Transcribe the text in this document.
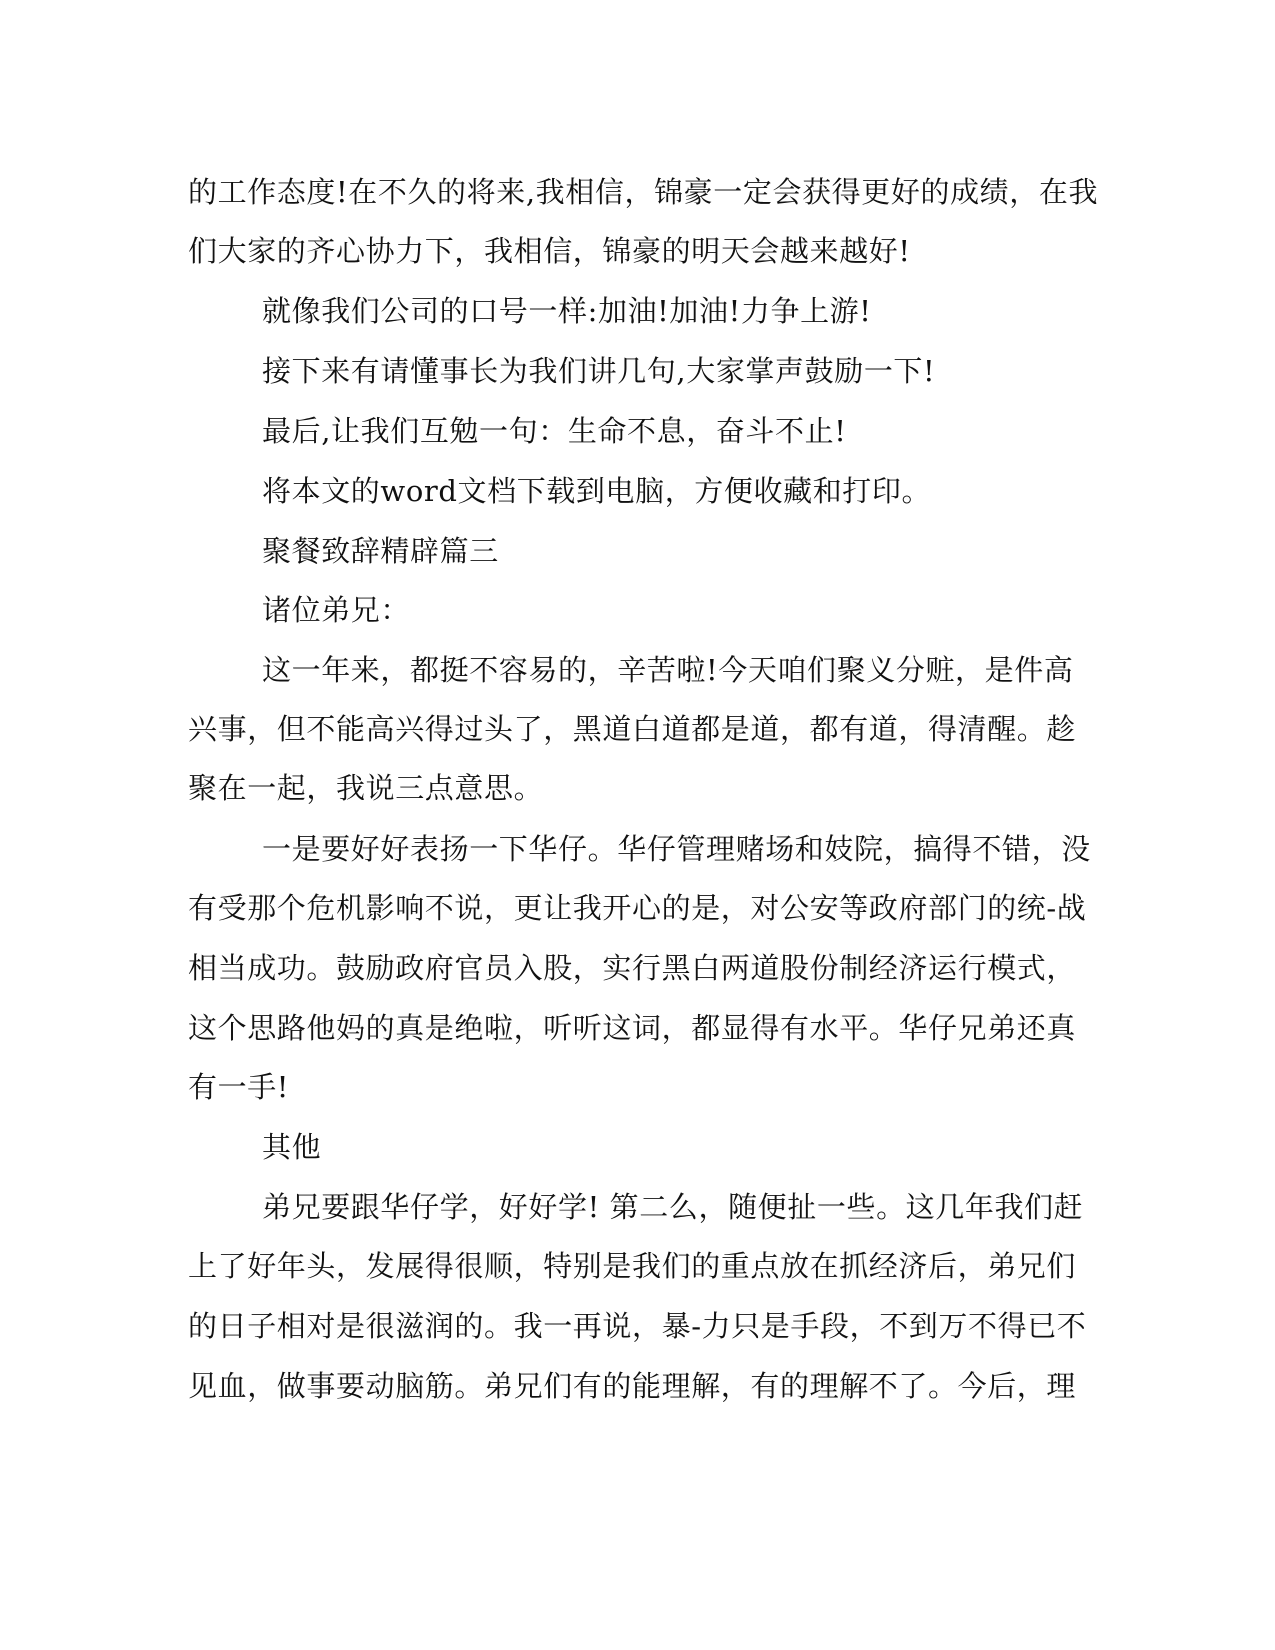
的工作态度!在不久的将来,我相信，锦豪一定会获得更好的成绩，在我
们大家的齐心协力下，我相信，锦豪的明天会越来越好!
就像我们公司的口号一样:加油!加油!力争上游!
接下来有请懂事长为我们讲几句,大家掌声鼓励一下!
最后,让我们互勉一句：生命不息，奋斗不止!
将本文的word文档下载到电脑，方便收藏和打印。
聚餐致辞精辟篇三
诸位弟兄：
这一年来，都挺不容易的，辛苦啦!今天咱们聚义分赃，是件高
兴事，但不能高兴得过头了，黑道白道都是道，都有道，得清醒。趁
聚在一起，我说三点意思。
一是要好好表扬一下华仔。华仔管理赌场和妓院，搞得不错，没
有受那个危机影响不说，更让我开心的是，对公安等政府部门的统-战
相当成功。鼓励政府官员入股，实行黑白两道股份制经济运行模式，
这个思路他妈的真是绝啦，听听这词，都显得有水平。华仔兄弟还真
有一手!
其他
弟兄要跟华仔学，好好学! 第二么，随便扯一些。这几年我们赶
上了好年头，发展得很顺，特别是我们的重点放在抓经济后，弟兄们
的日子相对是很滋润的。我一再说，暴-力只是手段，不到万不得已不
见血，做事要动脑筋。弟兄们有的能理解，有的理解不了。今后，理
